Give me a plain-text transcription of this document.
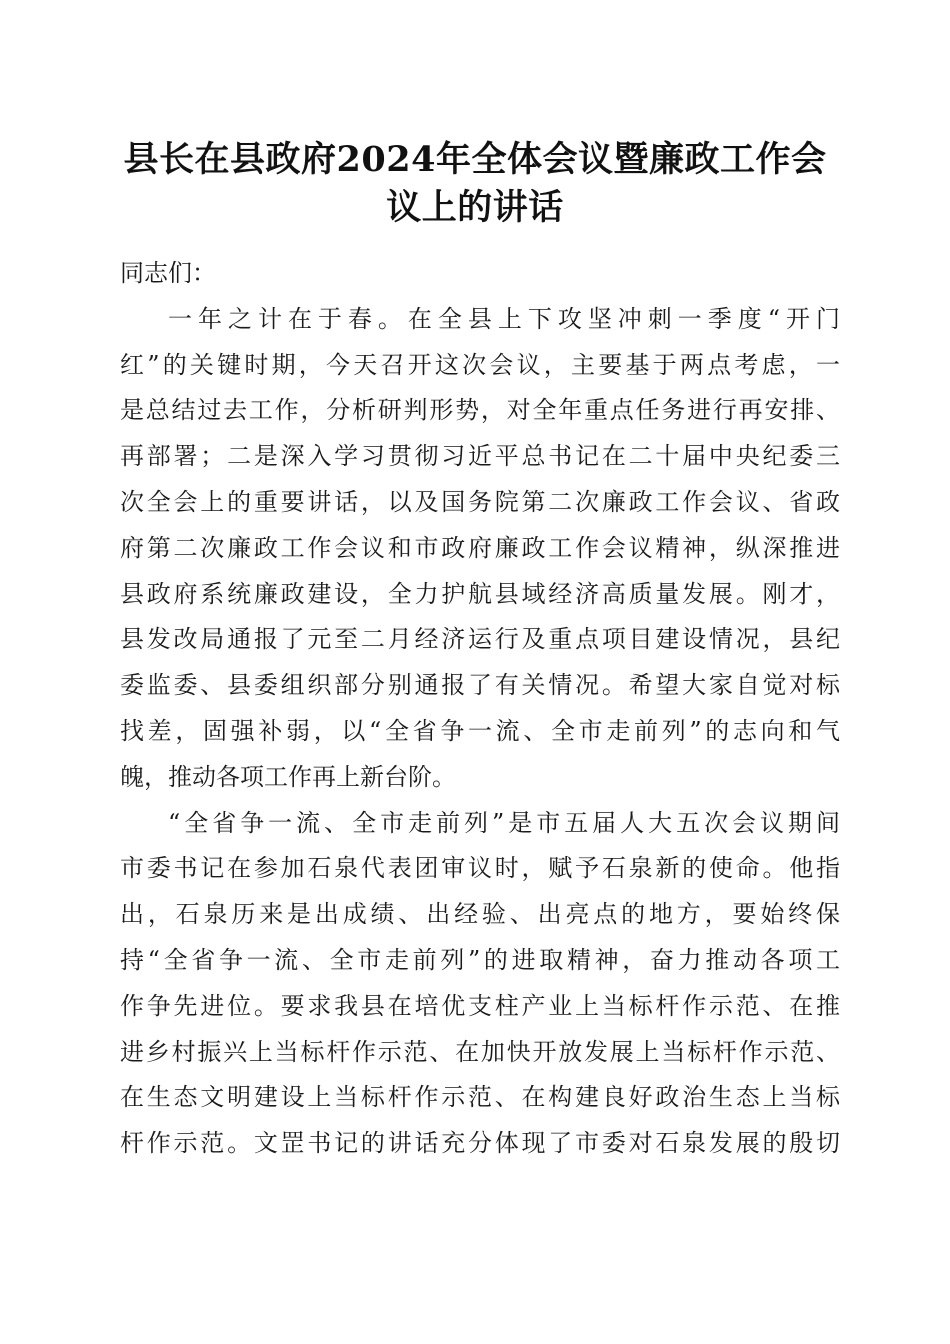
县长在县政府2024年全体会议暨廉政工作会
议上的讲话
同志们：
一年之计在于春。在全县上下攻坚冲刺一季度“开门
红”的关键时期，今天召开这次会议，主要基于两点考虑，一
是总结过去工作，分析研判形势，对全年重点任务进行再安排、
再部署；二是深入学习贯彻习近平总书记在二十届中央纪委三
次全会上的重要讲话，以及国务院第二次廉政工作会议、省政
府第二次廉政工作会议和市政府廉政工作会议精神，纵深推进
县政府系统廉政建设，全力护航县域经济高质量发展。刚才，
县发改局通报了元至二月经济运行及重点项目建设情况，县纪
委监委、县委组织部分别通报了有关情况。希望大家自觉对标
找差，固强补弱，以“全省争一流、全市走前列”的志向和气
魄，推动各项工作再上新台阶。
“全省争一流、全市走前列”是市五届人大五次会议期间
市委书记在参加石泉代表团审议时，赋予石泉新的使命。他指
出，石泉历来是出成绩、出经验、出亮点的地方，要始终保
持“全省争一流、全市走前列”的进取精神，奋力推动各项工
作争先进位。要求我县在培优支柱产业上当标杆作示范、在推
进乡村振兴上当标杆作示范、在加快开放发展上当标杆作示范、
在生态文明建设上当标杆作示范、在构建良好政治生态上当标
杆作示范。文罡书记的讲话充分体现了市委对石泉发展的殷切
